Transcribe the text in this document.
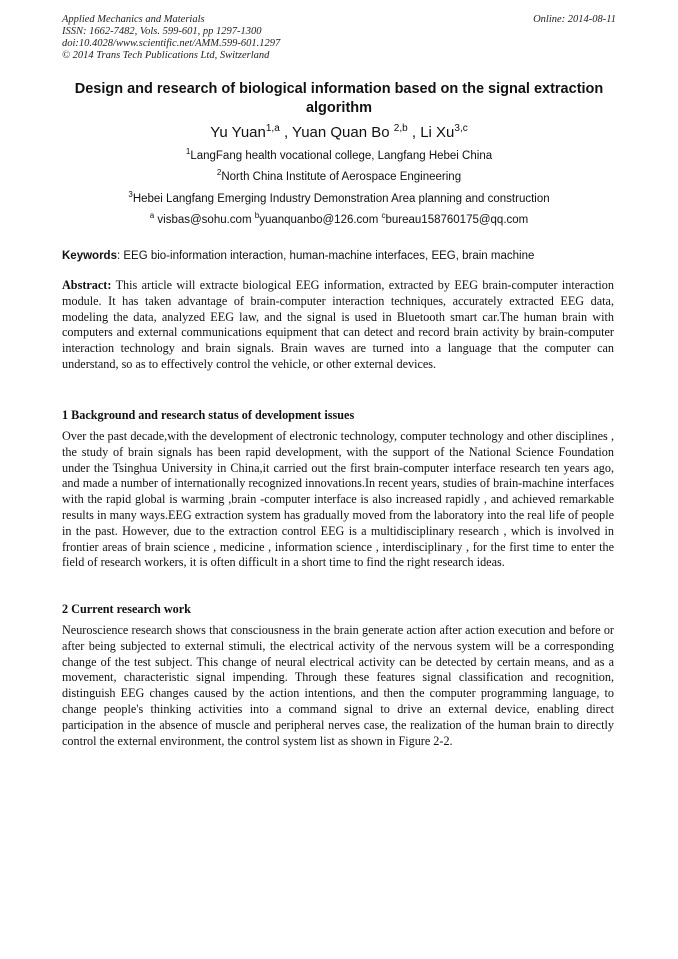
Applied Mechanics and Materials
ISSN: 1662-7482, Vols. 599-601, pp 1297-1300
doi:10.4028/www.scientific.net/AMM.599-601.1297
© 2014 Trans Tech Publications Ltd, Switzerland
Online: 2014-08-11
Design and research of biological information based on the signal extraction algorithm
Yu Yuan$^{1,a}$ , Yuan Quan Bo $^{2,b}$ , Li Xu$^{3,c}$
$^1$LangFang health vocational college, Langfang Hebei China
$^2$North China Institute of Aerospace Engineering
$^3$Hebei Langfang Emerging Industry Demonstration Area planning and construction
$^a$ visbas@sohu.com $^b$yuanquanbo@126.com $^c$bureau158760175@qq.com
Keywords: EEG bio-information interaction, human-machine interfaces, EEG, brain machine
Abstract: This article will extracte biological EEG information, extracted by EEG brain-computer interaction module. It has taken advantage of brain-computer interaction techniques, accurately extracted EEG data, modeling the data, analyzed EEG law, and the signal is used in Bluetooth smart car.The human brain with computers and external communications equipment that can detect and record brain activity by brain-computer interaction technology and brain signals. Brain waves are turned into a language that the computer can understand, so as to effectively control the vehicle, or other external devices.
1 Background and research status of development issues
Over the past decade,with the development of electronic technology, computer technology and other disciplines , the study of brain signals has been rapid development, with the support of the National Science Foundation under the Tsinghua University in China,it carried out the first brain-computer interface research ten years ago, and made a number of internationally recognized innovations.In recent years, studies of brain-machine interfaces with the rapid global is warming ,brain -computer interface is also increased rapidly , and achieved remarkable results in many ways.EEG extraction system has gradually moved from the laboratory into the real life of people in the past. However, due to the extraction control EEG is a multidisciplinary research , which is involved in frontier areas of brain science , medicine , information science , interdisciplinary , for the first time to enter the field of research workers, it is often difficult in a short time to find the right research ideas.
2 Current research work
Neuroscience research shows that consciousness in the brain generate action after action execution and before or after being subjected to external stimuli, the electrical activity of the nervous system will be a corresponding change of the test subject. This change of neural electrical activity can be detected by certain means, and as a movement, characteristic signal impending. Through these features signal classification and recognition, distinguish EEG changes caused by the action intentions, and then the computer programming language, to change people's thinking activities into a command signal to drive an external device, enabling direct participation in the absence of muscle and peripheral nerves case, the realization of the human brain to directly control the external environment, the control system list as shown in Figure 2-2.
